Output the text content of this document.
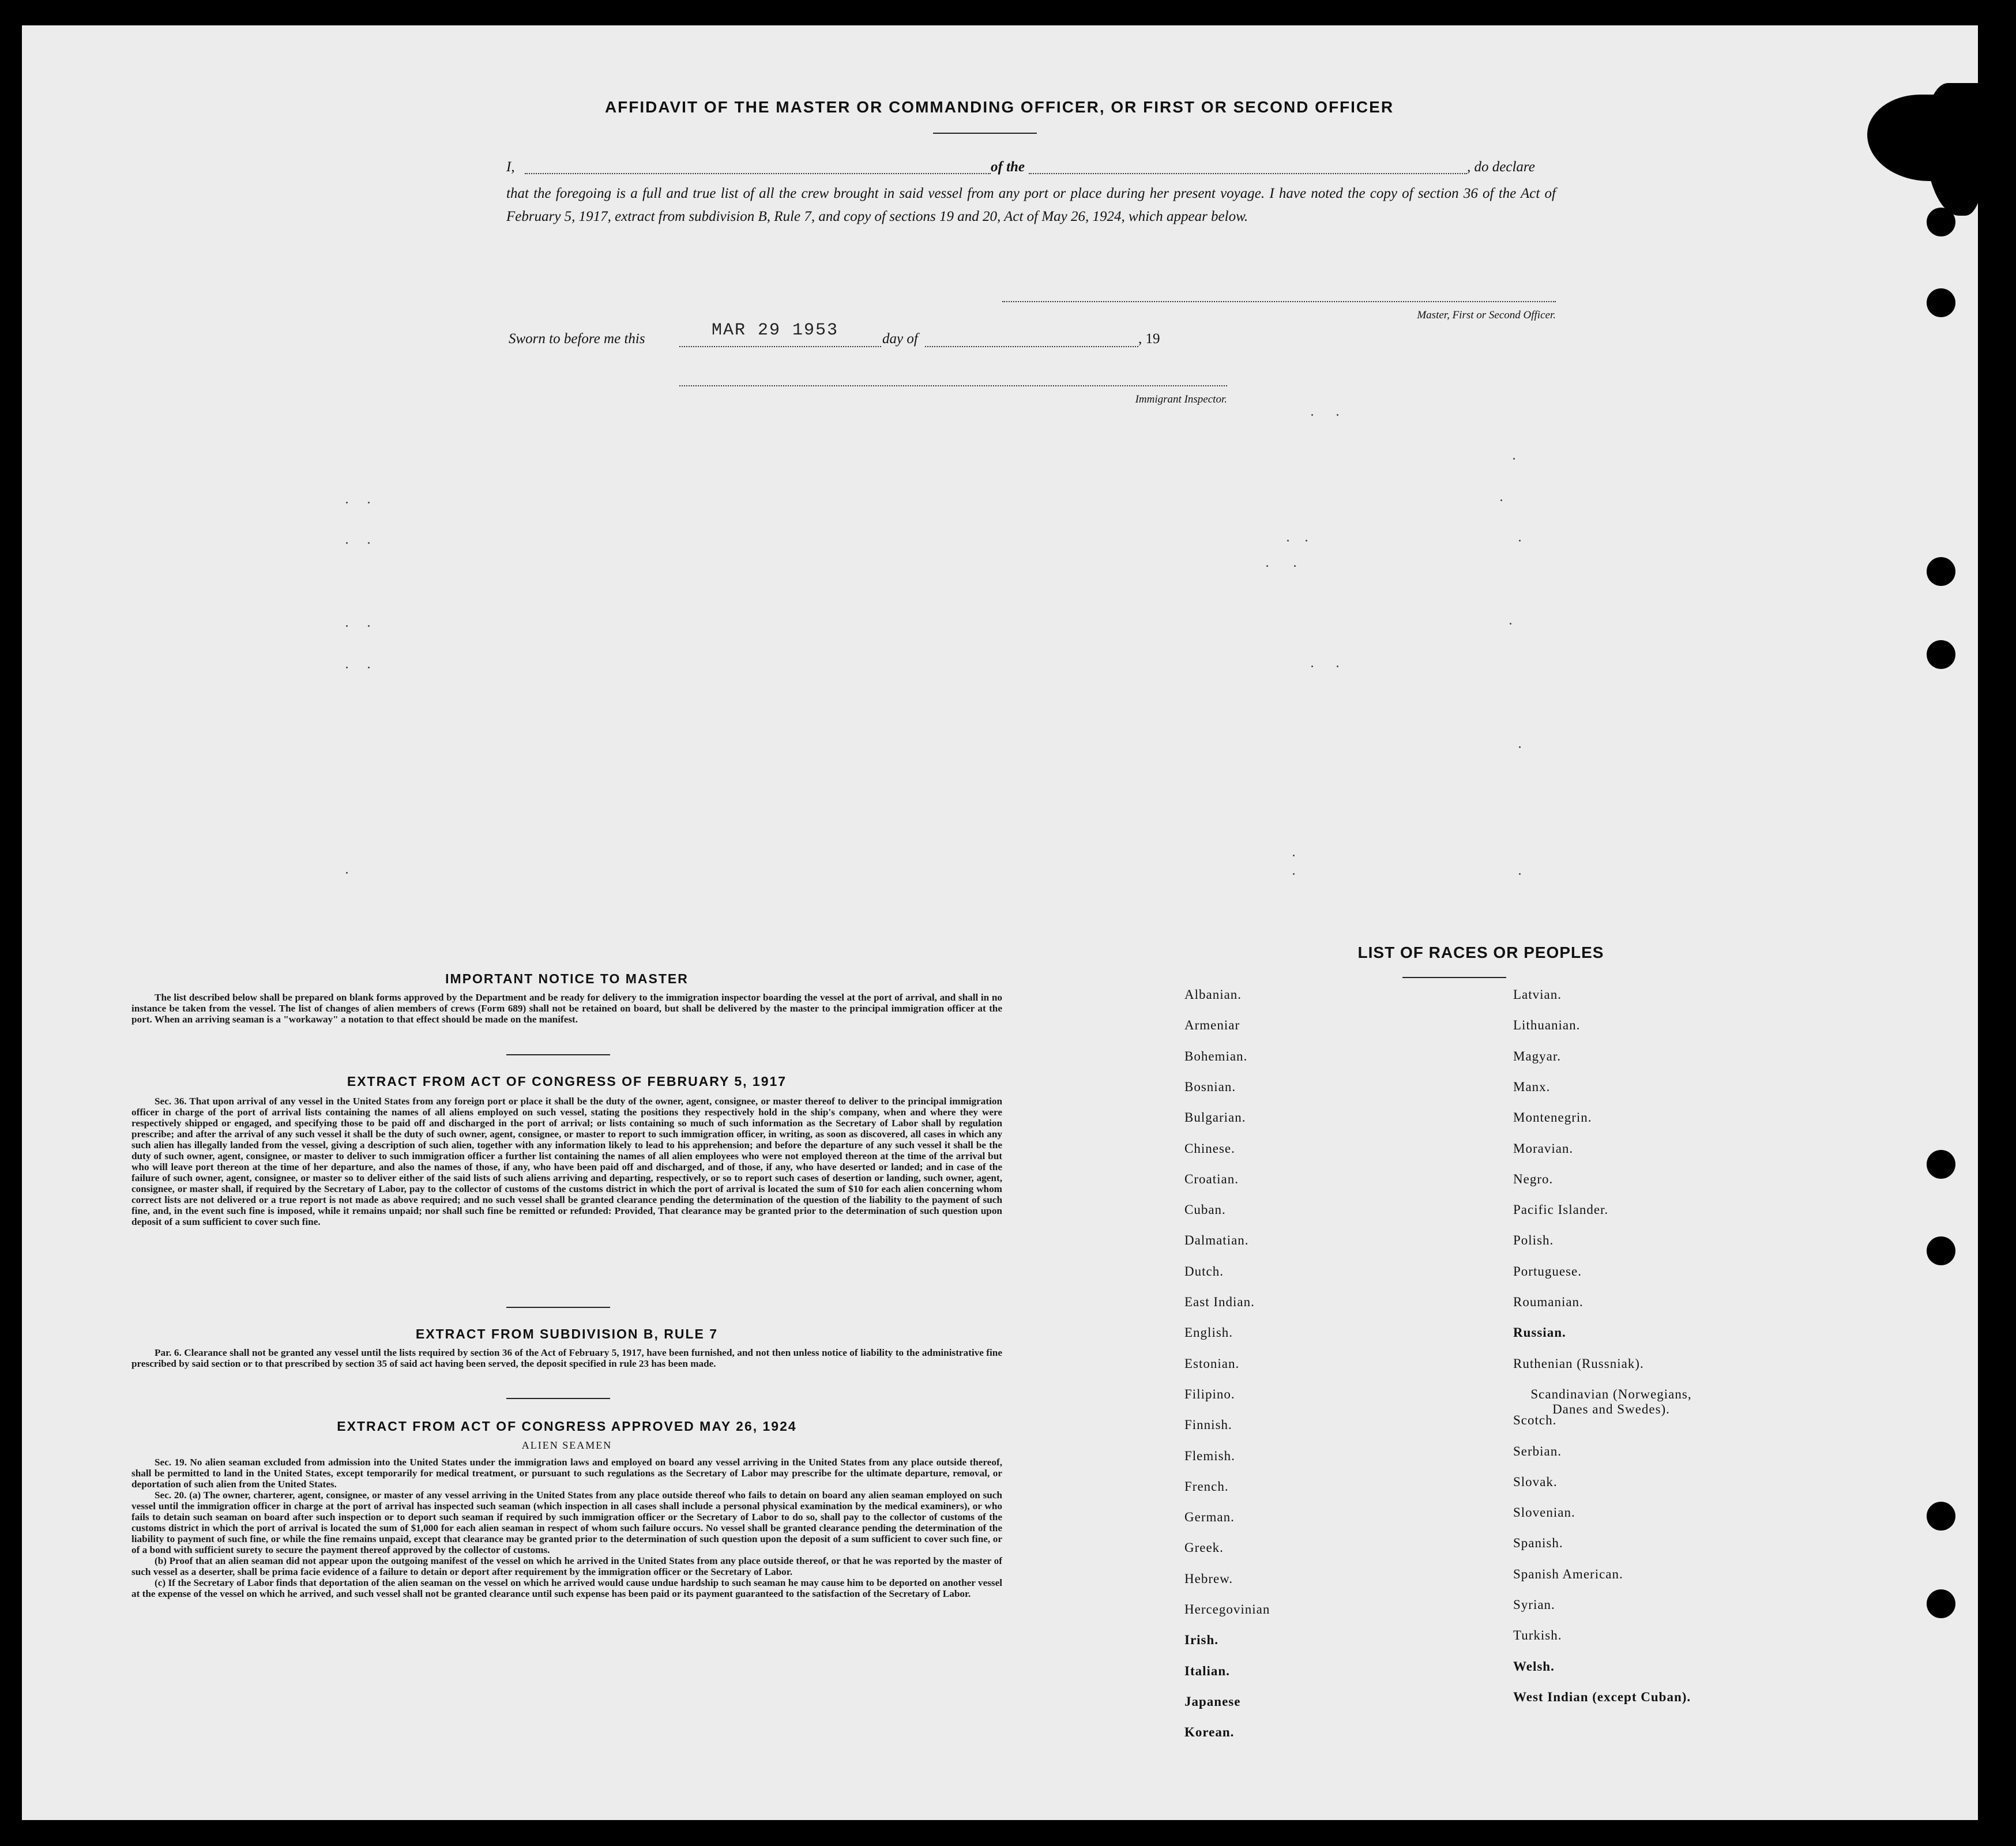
AFFIDAVIT OF THE MASTER OR COMMANDING OFFICER, OR FIRST OR SECOND OFFICER
I,	of the	, do declare
that the foregoing is a full and true list of all the crew brought in said vessel from any port or place during her present voyage. I have noted the copy of section 36 of the Act of February 5, 1917, extract from subdivision B, Rule 7, and copy of sections 19 and 20, Act of May 26, 1924, which appear below.
Master, First or Second Officer.
Sworn to before me this	MAR 29 1953	day of	, 19
Immigrant Inspector.
IMPORTANT NOTICE TO MASTER

The list described below shall be prepared on blank forms approved by the Department and be ready for delivery to the immigration inspector boarding the vessel at the port of arrival, and shall in no instance be taken from the vessel. The list of changes of alien members of crews (Form 689) shall not be retained on board, but shall be delivered by the master to the principal immigration officer at the port. When an arriving seaman is a "workaway" a notation to that effect should be made on the manifest.

EXTRACT FROM ACT OF CONGRESS OF FEBRUARY 5, 1917

Sec. 36. That upon arrival of any vessel in the United States from any foreign port or place it shall be the duty of the owner, agent, consignee, or master thereof to deliver to the principal immigration officer in charge of the port of arrival lists containing the names of all aliens employed on such vessel, stating the positions they respectively hold in the ship's company, when and where they were respectively shipped or engaged, and specifying those to be paid off and discharged in the port of arrival; or lists containing so much of such information as the Secretary of Labor shall by regulation prescribe; and after the arrival of any such vessel it shall be the duty of such owner, agent, consignee, or master to report to such immigration officer, in writing, as soon as discovered, all cases in which any such alien has illegally landed from the vessel, giving a description of such alien, together with any information likely to lead to his apprehension; and before the departure of any such vessel it shall be the duty of such owner, agent, consignee, or master to deliver to such immigration officer a further list containing the names of all alien employees who were not employed thereon at the time of the arrival but who will leave port thereon at the time of her departure, and also the names of those, if any, who have been paid off and discharged, and of those, if any, who have deserted or landed; and in case of the failure of such owner, agent, consignee, or master so to deliver either of the said lists of such aliens arriving and departing, respectively, or so to report such cases of desertion or landing, such owner, agent, consignee, or master shall, if required by the Secretary of Labor, pay to the collector of customs of the customs district in which the port of arrival is located the sum of $10 for each alien concerning whom correct lists are not delivered or a true report is not made as above required; and no such vessel shall be granted clearance pending the determination of the question of the liability to the payment of such fine, and, in the event such fine is imposed, while it remains unpaid; nor shall such fine be remitted or refunded: Provided, That clearance may be granted prior to the determination of such question upon deposit of a sum sufficient to cover such fine.

EXTRACT FROM SUBDIVISION B, RULE 7

Par. 6. Clearance shall not be granted any vessel until the lists required by section 36 of the Act of February 5, 1917, have been furnished, and not then unless notice of liability to the administrative fine prescribed by said section or to that prescribed by section 35 of said act having been served, the deposit specified in rule 23 has been made.

EXTRACT FROM ACT OF CONGRESS APPROVED MAY 26, 1924
ALIEN SEAMEN

Sec. 19. No alien seaman excluded from admission into the United States under the immigration laws and employed on board any vessel arriving in the United States from any place outside thereof, shall be permitted to land in the United States, except temporarily for medical treatment, or pursuant to such regulations as the Secretary of Labor may prescribe for the ultimate departure, removal, or deportation of such alien from the United States.

Sec. 20. (a) The owner, charterer, agent, consignee, or master of any vessel arriving in the United States from any place outside thereof who fails to detain on board any alien seaman employed on such vessel until the immigration officer in charge at the port of arrival has inspected such seaman (which inspection in all cases shall include a personal physical examination by the medical examiners), or who fails to detain such seaman on board after such inspection or to deport such seaman if required by such immigration officer or the Secretary of Labor to do so, shall pay to the collector of customs of the customs district in which the port of arrival is located the sum of $1,000 for each alien seaman in respect of whom such failure occurs. No vessel shall be granted clearance pending the determination of the liability to payment of such fine, or while the fine remains unpaid, except that clearance may be granted prior to the determination of such question upon the deposit of a sum sufficient to cover such fine, or of a bond with sufficient surety to secure the payment thereof approved by the collector of customs.

(b) Proof that an alien seaman did not appear upon the outgoing manifest of the vessel on which he arrived in the United States from any place outside thereof, or that he was reported by the master of such vessel as a deserter, shall be prima facie evidence of a failure to detain or deport after requirement by the immigration officer or the Secretary of Labor.

(c) If the Secretary of Labor finds that deportation of the alien seaman on the vessel on which he arrived would cause undue hardship to such seaman he may cause him to be deported on another vessel at the expense of the vessel on which he arrived, and such vessel shall not be granted clearance until such expense has been paid or its payment guaranteed to the satisfaction of the Secretary of Labor.

LIST OF RACES OR PEOPLES
Albanian.
Armeniar
Bohemian.
Bosnian.
Bulgarian.
Chinese.
Croatian.
Cuban.
Dalmatian.
Dutch.
East Indian.
English.
Estonian.
Filipino.
Finnish.
Flemish.
French.
German.
Greek.
Hebrew.
Hercegovinian
Irish.
Italian.
Japanese
Korean.
Latvian.
Lithuanian.
Magyar.
Manx.
Montenegrin.
Moravian.
Negro.
Pacific Islander.
Polish.
Portuguese.
Roumanian.
Russian.
Ruthenian (Russniak).
Scandinavian (Norwegians, Danes and Swedes).
Scotch.
Serbian.
Slovak.
Slovenian.
Spanish.
Spanish American.
Syrian.
Turkish.
Welsh.
West Indian (except Cuban).
